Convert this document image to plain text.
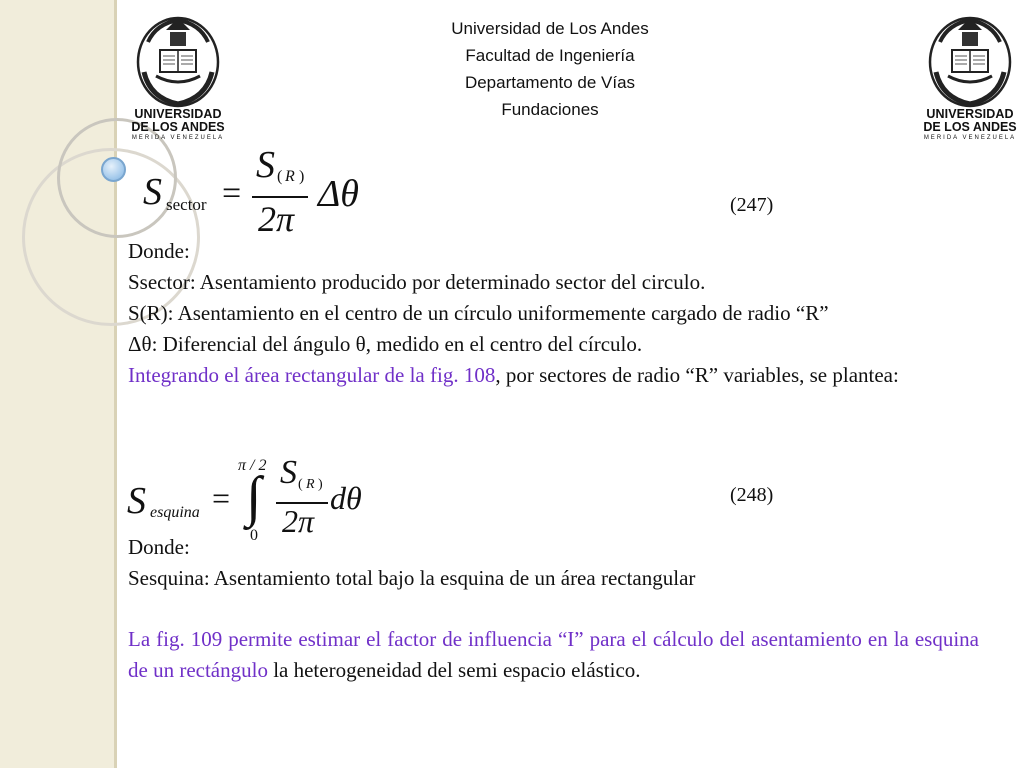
UNIVERSIDAD
DE LOS ANDES
MERIDA VENEZUELA
UNIVERSIDAD
DE LOS ANDES
MERIDA VENEZUELA
Universidad de Los Andes
Facultad de Ingeniería
Departamento de Vías
Fundaciones
S sector =
S ( R )
2π
Δθ	(247)
Donde:
Ssector: Asentamiento producido por determinado sector del circulo.
S(R): Asentamiento en el centro de un círculo uniformemente cargado de radio “R”
Δθ: Diferencial del ángulo θ, medido en el centro del círculo.
Integrando el área rectangular de la fig. 108, por sectores de radio “R” variables, se plantea:
S esquina =
π / 2
∫
0
S ( R )
2π
dθ	(248)
Donde:
Sesquina: Asentamiento total bajo la esquina de un área rectangular
La fig. 109 permite estimar el factor de influencia “I” para el cálculo del asentamiento en la esquina de un rectángulo la heterogeneidad del semi espacio elástico.
